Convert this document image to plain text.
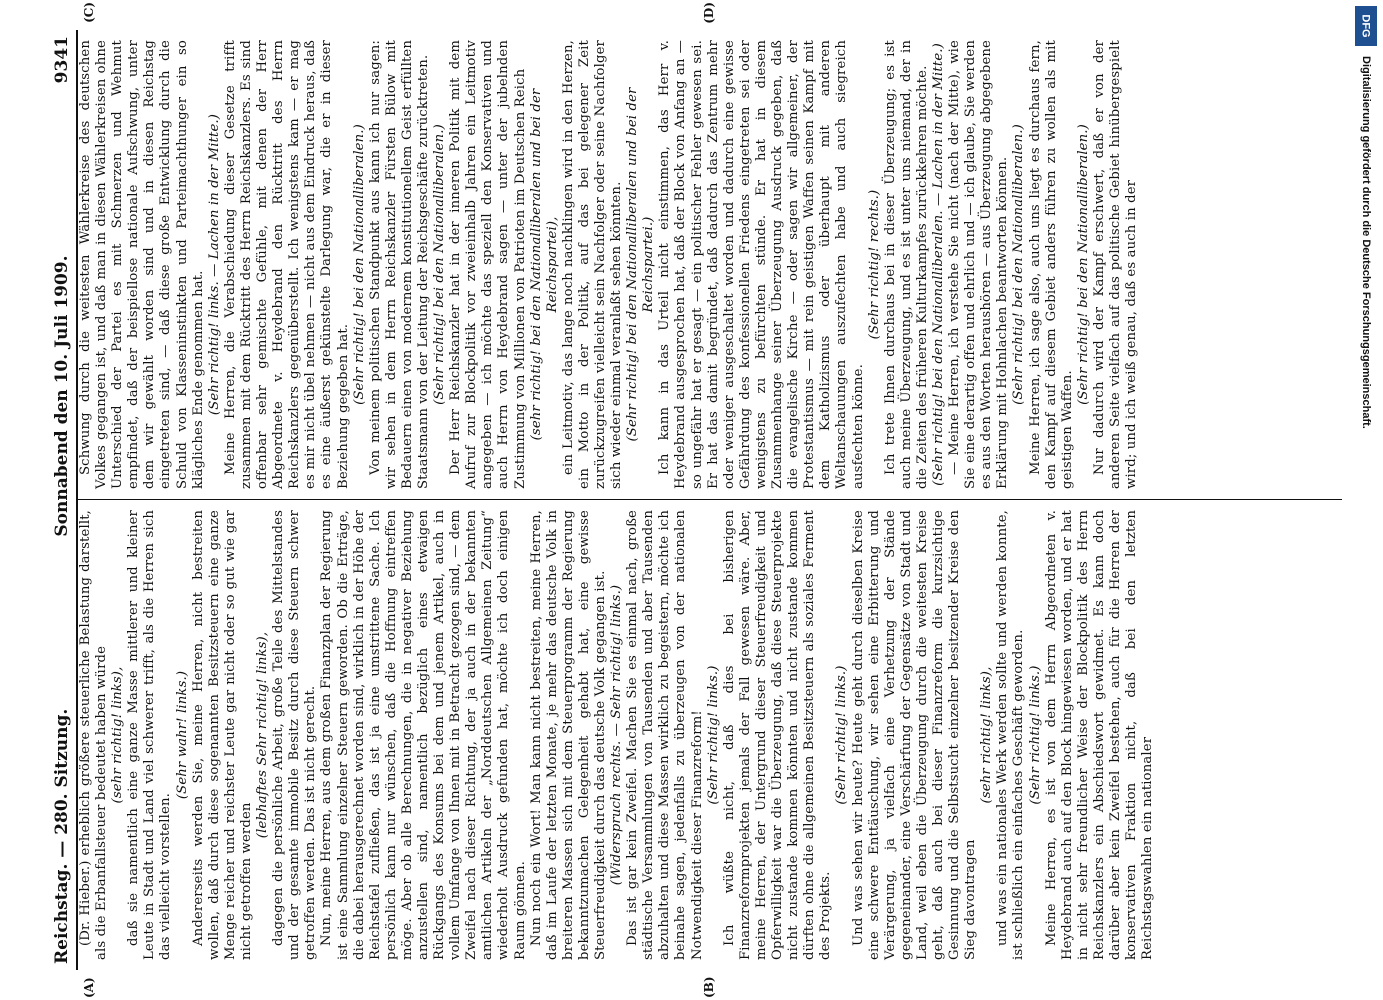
Reichstag. — 280. Sitzung.
Sonnabend den 10. Juli 1909.
9341
(A)	(B)
(C)	(D)

(Dr. Hieber.) erheblich größere steuerliche Belastung darstellt, als die Erbanfallsteuer bedeutet haben würde (sehr richtig! links), daß sie namentlich eine ganze Masse mittlerer und kleiner Leute in Stadt und Land viel schwerer trifft, als die Herren sich das vielleicht vorstellen.

(Sehr wahr! links.) Andererseits werden Sie, meine Herren, nicht bestreiten wollen, daß durch diese sogenannten Besitzsteuern eine ganze Menge reicher und reichster Leute gar nicht oder so gut wie gar nicht getroffen werden

(lebhaftes Sehr richtig! links), dagegen die persönliche Arbeit, große Teile des Mittelstandes und der gesamte immobile Besitz durch diese Steuern schwer getroffen werden. Das ist nicht gerecht. Nun, meine Herren, aus dem großen Finanzplan der Regierung ist eine Sammlung einzelner Steuern geworden. Ob die Erträge, die dabei herausgerechnet worden sind, wirklich in der Höhe der Reichstafel zufließen, das ist ja eine umstrittene Sache. Ich persönlich kann nur wünschen, daß die Hoffnung eintreffen möge. Aber ob alle Berechnungen, die in negativer Beziehung anzustellen sind, namentlich bezüglich eines etwaigen Rückgangs des Konsums bei dem und jenem Artikel, auch in vollem Umfange von Ihnen mit in Betracht gezogen sind, — dem Zweifel nach dieser Richtung, der ja auch in der bekannten amtlichen Artikeln der „Norddeutschen Allgemeinen Zeitung“ wiederholt Ausdruck gefunden hat, möchte ich doch einigen Raum gönnen. Nun noch ein Wort! Man kann nicht bestreiten, meine Herren, daß im Laufe der letzten Monate, je mehr das deutsche Volk in breiteren Massen sich mit dem Steuerprogramm der Regierung bekanntzumachen Gelegenheit gehabt hat, eine gewisse Steuerfreudigkeit durch das deutsche Volk gegangen ist. (Widerspruch rechts. — Sehr richtig! links.) Das ist gar kein Zweifel. Machen Sie es einmal nach, große städtische Versammlungen von Tausenden und aber Tausenden abzuhalten und diese Massen wirklich zu begeistern, möchte ich beinahe sagen, jedenfalls zu überzeugen von der nationalen Notwendigkeit dieser Finanzreform! (Sehr richtig! links.) Ich wüßte nicht, daß dies bei bisherigen Finanzreformprojekten jemals der Fall gewesen wäre. Aber, meine Herren, der Untergrund dieser Steuerfreudigkeit und Opferwilligkeit war die Überzeugung, daß diese Steuerprojekte nicht zustande kommen könnten und nicht zustande kommen dürften ohne die allgemeinen Besitzsteuern als soziales Ferment des Projekts.

(Sehr richtig! links.) Und was sehen wir heute? Heute geht durch dieselben Kreise eine schwere Enttäuschung, wir sehen eine Erbitterung und Verärgerung, ja vielfach eine Verhetzung der Stände gegeneinander, eine Verschärfung der Gegensätze von Stadt und Land, weil eben die Überzeugung durch die weitesten Kreise geht, daß auch bei dieser Finanzreform die kurzsichtige Gesinnung und die Selbstsucht einzelner besitzender Kreise den Sieg davontragen

(sehr richtig! links), und was ein nationales Werk werden sollte und werden konnte, ist schließlich ein einfaches Geschäft geworden. (Sehr richtig! links.) Meine Herren, es ist von dem Herrn Abgeordneten v. Heydebrand auch auf den Block hingewiesen worden, und er hat in nicht sehr freundlicher Weise der Blockpolitik des Herrn Reichskanzlers ein Abschiedswort gewidmet. Es kann doch darüber aber kein Zweifel bestehen, auch für die Herren der konservativen Fraktion nicht, daß bei den letzten Reichstagswahlen ein nationaler

Schwung durch die weitesten Wählerkreise des deutschen Volkes gegangen ist, und daß man in diesen Wählerkreisen ohne Unterschied der Partei es mit Schmerzen und Wehmut empfindet, daß der beispiellose nationale Aufschwung, unter dem wir gewählt worden sind und in diesen Reichstag eingetreten sind, — daß diese große Entwicklung durch die Schuld von Klasseninstinkten und Parteimachthunger ein so klägliches Ende genommen hat. (Sehr richtig! links. — Lachen in der Mitte.) Meine Herren, die Verabschiedung dieser Gesetze trifft zusammen mit dem Rücktritt des Herrn Reichskanzlers. Es sind offenbar sehr gemischte Gefühle, mit denen der Herr Abgeordnete v. Heydebrand den Rücktritt des Herrn Reichskanzlers gegenüberstellt. Ich wenigstens kam — er mag es mir nicht übel nehmen — nicht aus dem Eindruck heraus, daß es eine äußerst gekünstelte Darlegung war, die er in dieser Beziehung gegeben hat.

(Sehr richtig! bei den Nationalliberalen.) Von meinem politischen Standpunkt aus kann ich nur sagen: wir sehen in dem Herrn Reichskanzler Fürsten Bülow mit Bedauern einen von modernem konstitutionellem Geist erfüllten Staatsmann von der Leitung der Reichsgeschäfte zurücktreten. (Sehr richtig! bei den Nationalliberalen.) Der Herr Reichskanzler hat in der inneren Politik mit dem Aufruf zur Blockpolitik vor zweieinhalb Jahren ein Leitmotiv angegeben — ich möchte das speziell den Konservativen und auch Herrn von Heydebrand sagen — unter der jubelnden Zustimmung von Millionen von Patrioten im Deutschen Reich (sehr richtig! bei den Nationalliberalen und bei der Reichspartei), ein Leitmotiv, das lange noch nachklingen wird in den Herzen, ein Motto in der Politik, auf das bei gelegener Zeit zurückzugreifen vielleicht sein Nachfolger oder seine Nachfolger sich wieder einmal veranlaßt sehen könnten. (Sehr richtig! bei den Nationalliberalen und bei der Reichspartei.) Ich kann in das Urteil nicht einstimmen, das Herr v. Heydebrand ausgesprochen hat, daß der Block von Anfang an — so ungefähr hat er gesagt — ein politischer Fehler gewesen sei. Er hat das damit begründet, daß dadurch das Zentrum mehr oder weniger ausgeschaltet worden und dadurch eine gewisse Gefährdung des konfessionellen Friedens eingetreten sei oder wenigstens zu befürchten stünde. Er hat in diesem Zusammenhange seiner Überzeugung Ausdruck gegeben, daß die evangelische Kirche — oder sagen wir allgemeiner, der Protestantismus — mit rein geistigen Waffen seinen Kampf mit dem Katholizismus oder überhaupt mit anderen Weltanschauungen auszufechten habe und auch siegreich ausfechten könne.

(Sehr richtig! rechts.) Ich trete Ihnen durchaus bei in dieser Überzeugung; es ist auch meine Überzeugung, und es ist unter uns niemand, der in die Zeiten des früheren Kulturkampfes zurückkehren möchte. (Sehr richtig! bei den Nationalliberalen. — Lachen in der Mitte.) — Meine Herren, ich verstehe Sie nicht (nach der Mitte), wie Sie eine derartig offen und ehrlich und — ich glaube, Sie werden es aus den Worten heraushören — aus Überzeugung abgegebene Erklärung mit Hohnlachen beantworten können. (Sehr richtig! bei den Nationalliberalen.) Meine Herren, ich sage also, auch uns liegt es durchaus fern, den Kampf auf diesem Gebiet anders führen zu wollen als mit geistigen Waffen.

(Sehr richtig! bei den Nationalliberalen.) Nur dadurch wird der Kampf erschwert, daß er von der anderen Seite vielfach auf das politische Gebiet hinübergespielt wird; und ich weiß genau, daß es auch in der

DFG
Digitalisierung gefördert durch die Deutsche Forschungsgemeinschaft.
